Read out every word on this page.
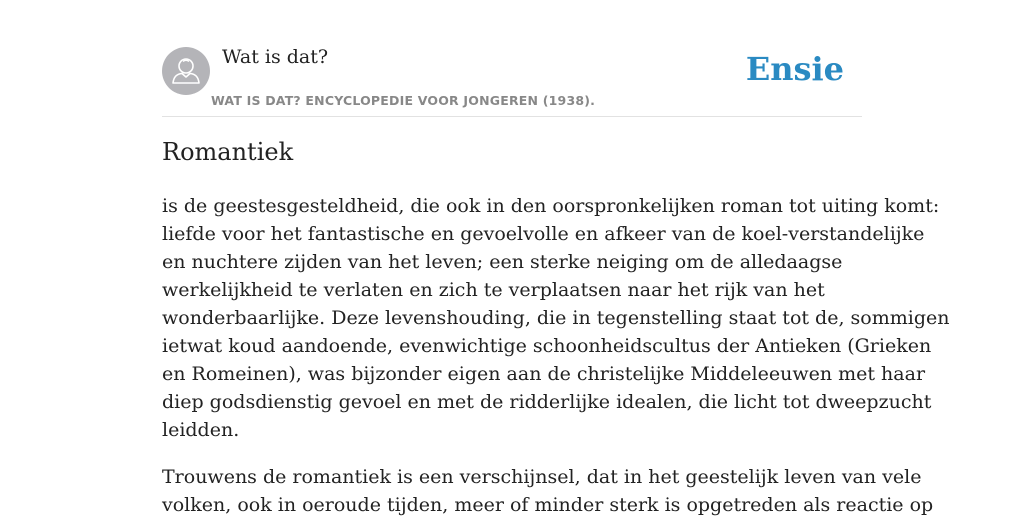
Wat is dat?
WAT IS DAT? ENCYCLOPEDIE VOOR JONGEREN (1938).
Ensie
Romantiek

is de geestesgesteldheid, die ook in den oorspronkelijken roman tot uiting komt:
liefde voor het fantastische en gevoelvolle en afkeer van de koel-verstandelijke
en nuchtere zijden van het leven; een sterke neiging om de alledaagse
werkelijkheid te verlaten en zich te verplaatsen naar het rijk van het
wonderbaarlijke. Deze levenshouding, die in tegenstelling staat tot de, sommigen
ietwat koud aandoende, evenwichtige schoonheidscultus der Antieken (Grieken
en Romeinen), was bijzonder eigen aan de christelijke Middeleeuwen met haar
diep godsdienstig gevoel en met de ridderlijke idealen, die licht tot dweepzucht
leidden.

Trouwens de romantiek is een verschijnsel, dat in het geestelijk leven van vele
volken, ook in oeroude tijden, meer of minder sterk is opgetreden als reactie op
